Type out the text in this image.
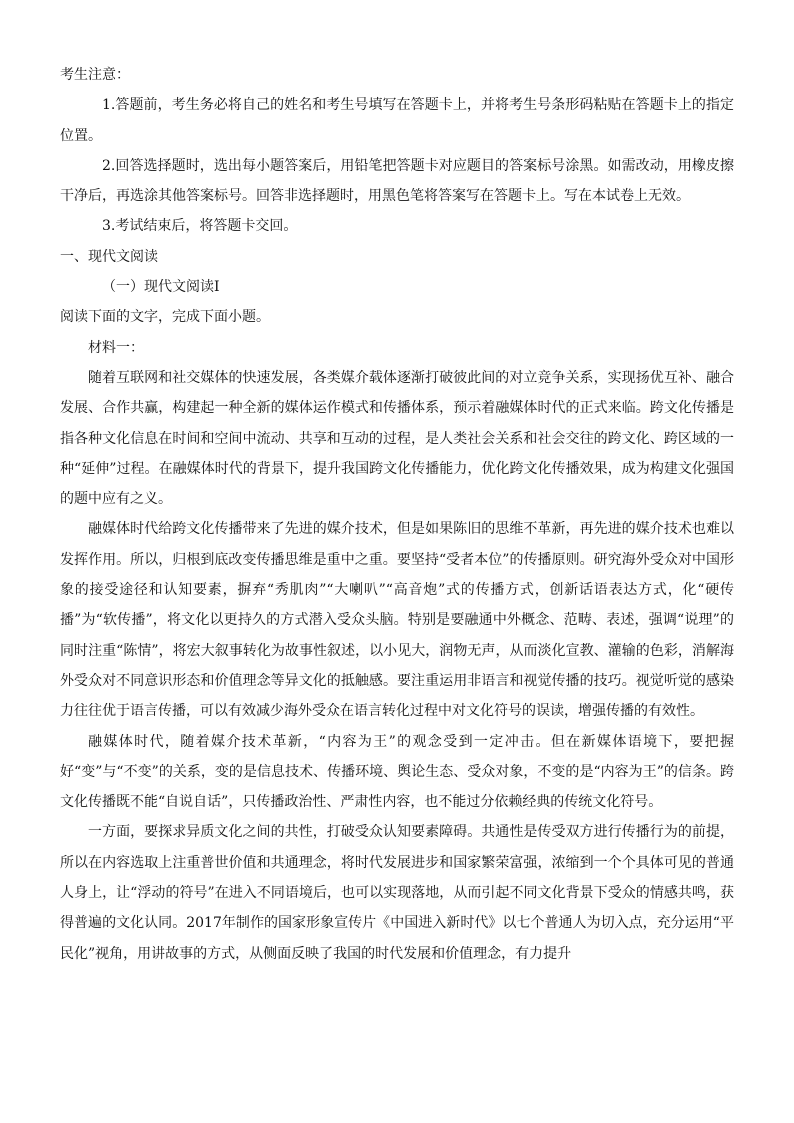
考生注意：

1.答题前，考生务必将自己的姓名和考生号填写在答题卡上，并将考生号条形码粘贴在答题卡上的指定位置。

2.回答选择题时，选出每小题答案后，用铅笔把答题卡对应题目的答案标号涂黑。如需改动，用橡皮擦干净后，再选涂其他答案标号。回答非选择题时，用黑色笔将答案写在答题卡上。写在本试卷上无效。

3.考试结束后，将答题卡交回。

一、现代文阅读

（一）现代文阅读Ⅰ

阅读下面的文字，完成下面小题。

材料一：

随着互联网和社交媒体的快速发展，各类媒介载体逐渐打破彼此间的对立竞争关系，实现扬优互补、融合发展、合作共赢，构建起一种全新的媒体运作模式和传播体系，预示着融媒体时代的正式来临。跨文化传播是指各种文化信息在时间和空间中流动、共享和互动的过程，是人类社会关系和社会交往的跨文化、跨区域的一种“延伸”过程。在融媒体时代的背景下，提升我国跨文化传播能力，优化跨文化传播效果，成为构建文化强国的题中应有之义。

融媒体时代给跨文化传播带来了先进的媒介技术，但是如果陈旧的思维不革新，再先进的媒介技术也难以发挥作用。所以，归根到底改变传播思维是重中之重。要坚持“受者本位”的传播原则。研究海外受众对中国形象的接受途径和认知要素，摒弃“秀肌肉”“大喇叭”“高音炮”式的传播方式，创新话语表达方式，化“硬传播”为“软传播”，将文化以更持久的方式潜入受众头脑。特别是要融通中外概念、范畴、表述，强调“说理”的同时注重“陈情”，将宏大叙事转化为故事性叙述，以小见大，润物无声，从而淡化宣教、灌输的色彩，消解海外受众对不同意识形态和价值理念等异文化的抵触感。要注重运用非语言和视觉传播的技巧。视觉听觉的感染力往往优于语言传播，可以有效减少海外受众在语言转化过程中对文化符号的误读，增强传播的有效性。

融媒体时代，随着媒介技术革新，“内容为王”的观念受到一定冲击。但在新媒体语境下，要把握好“变”与“不变”的关系，变的是信息技术、传播环境、舆论生态、受众对象，不变的是“内容为王”的信条。跨文化传播既不能“自说自话”，只传播政治性、严肃性内容，也不能过分依赖经典的传统文化符号。

一方面，要探求异质文化之间的共性，打破受众认知要素障碍。共通性是传受双方进行传播行为的前提，所以在内容选取上注重普世价值和共通理念，将时代发展进步和国家繁荣富强，浓缩到一个个具体可见的普通人身上，让“浮动的符号”在进入不同语境后，也可以实现落地，从而引起不同文化背景下受众的情感共鸣，获得普遍的文化认同。2017年制作的国家形象宣传片《中国进入新时代》以七个普通人为切入点，充分运用“平民化”视角，用讲故事的方式，从侧面反映了我国的时代发展和价值理念，有力提升
